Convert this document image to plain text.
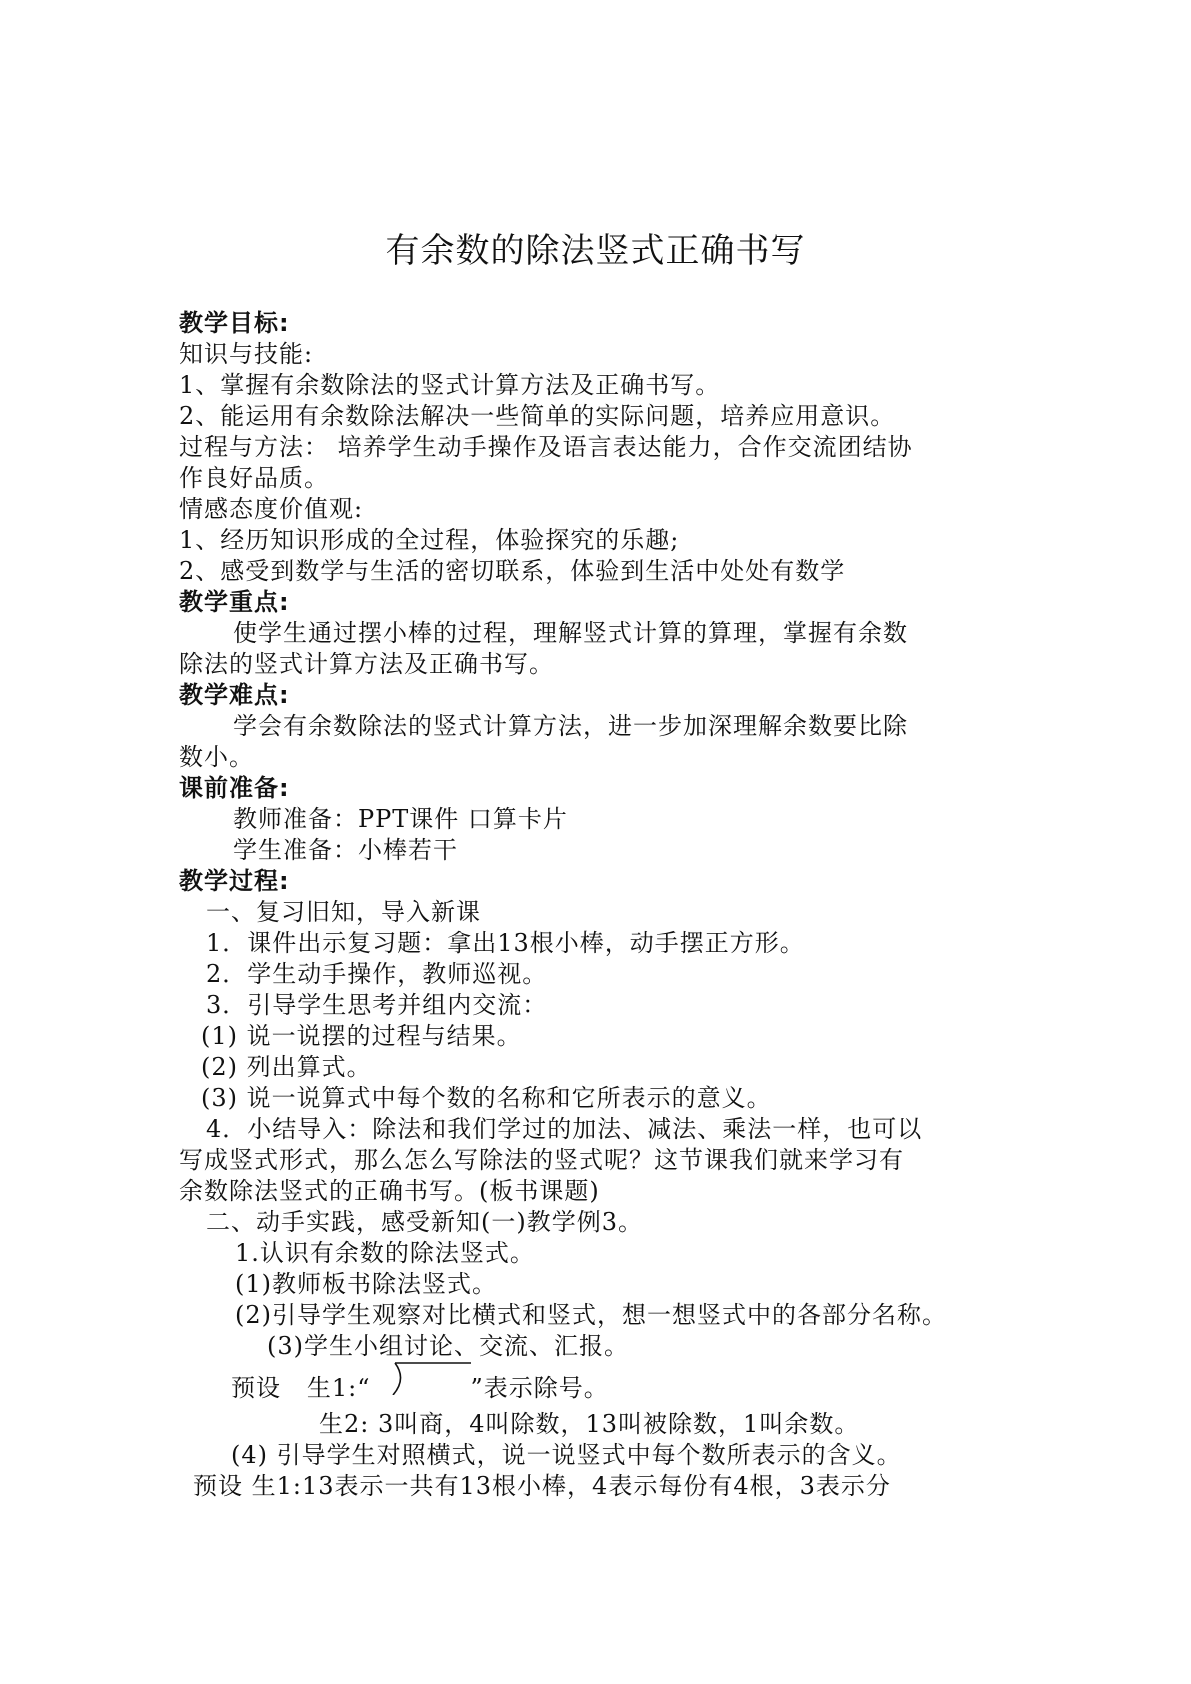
有余数的除法竖式正确书写
教学目标:
知识与技能:
1、掌握有余数除法的竖式计算方法及正确书写。
2、能运用有余数除法解决一些简单的实际问题，培养应用意识。
过程与方法： 培养学生动手操作及语言表达能力，合作交流团结协
作良好品质。
情感态度价值观:
1、经历知识形成的全过程，体验探究的乐趣;
2、感受到数学与生活的密切联系，体验到生活中处处有数学
教学重点:
使学生通过摆小棒的过程，理解竖式计算的算理，掌握有余数
除法的竖式计算方法及正确书写。
教学难点:
学会有余数除法的竖式计算方法，进一步加深理解余数要比除
数小。
课前准备:
教师准备：PPT课件 口算卡片
学生准备：小棒若干
教学过程:
一、复习旧知，导入新课
1．课件出示复习题：拿出13根小棒，动手摆正方形。
2．学生动手操作，教师巡视。
3．引导学生思考并组内交流：
(1) 说一说摆的过程与结果。
(2) 列出算式。
(3) 说一说算式中每个数的名称和它所表示的意义。
4．小结导入：除法和我们学过的加法、减法、乘法一样，也可以
写成竖式形式，那么怎么写除法的竖式呢？这节课我们就来学习有
余数除法竖式的正确书写。(板书课题)
二、动手实践，感受新知(一)教学例3。
1.认识有余数的除法竖式。
(1)教师板书除法竖式。
(2)引导学生观察对比横式和竖式，想一想竖式中的各部分名称。
(3)学生小组讨论、交流、汇报。
预设 生1:“	”表示除号。
生2: 3叫商，4叫除数，13叫被除数，1叫余数。
(4) 引导学生对照横式，说一说竖式中每个数所表示的含义。
预设 生1:13表示一共有13根小棒，4表示每份有4根，3表示分
